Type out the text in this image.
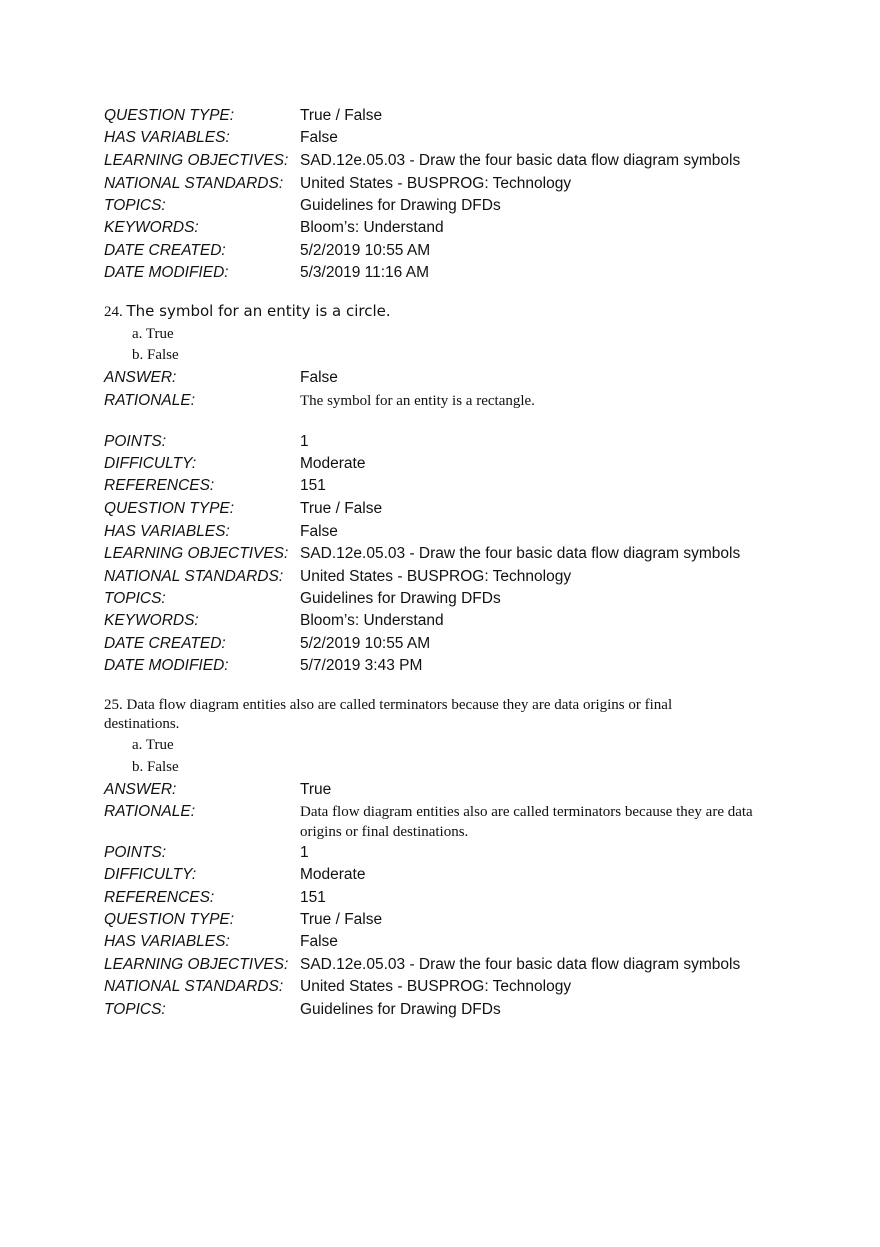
QUESTION TYPE:	True / False
HAS VARIABLES:	False
LEARNING OBJECTIVES: SAD.12e.05.03 - Draw the four basic data flow diagram symbols
NATIONAL STANDARDS: United States - BUSPROG: Technology
TOPICS:	Guidelines for Drawing DFDs
KEYWORDS:	Bloom’s: Understand
DATE CREATED:	5/2/2019 10:55 AM
DATE MODIFIED:	5/3/2019 11:16 AM
24. The symbol for an entity is a circle.
a. True
b. False
ANSWER:	False
RATIONALE:	The symbol for an entity is a rectangle.
POINTS:	1
DIFFICULTY:	Moderate
REFERENCES:	151
QUESTION TYPE:	True / False
HAS VARIABLES:	False
LEARNING OBJECTIVES: SAD.12e.05.03 - Draw the four basic data flow diagram symbols
NATIONAL STANDARDS: United States - BUSPROG: Technology
TOPICS:	Guidelines for Drawing DFDs
KEYWORDS:	Bloom’s: Understand
DATE CREATED:	5/2/2019 10:55 AM
DATE MODIFIED:	5/7/2019 3:43 PM
25. Data flow diagram entities also are called terminators because they are data origins or final destinations.
a. True
b. False
ANSWER:	True
RATIONALE:	Data flow diagram entities also are called terminators because they are data origins or final destinations.
POINTS:	1
DIFFICULTY:	Moderate
REFERENCES:	151
QUESTION TYPE:	True / False
HAS VARIABLES:	False
LEARNING OBJECTIVES: SAD.12e.05.03 - Draw the four basic data flow diagram symbols
NATIONAL STANDARDS: United States - BUSPROG: Technology
TOPICS:	Guidelines for Drawing DFDs
